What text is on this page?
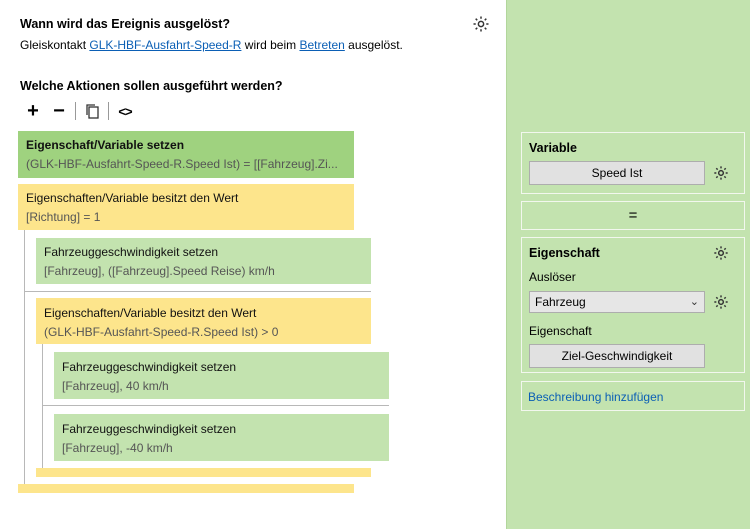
Wann wird das Ereignis ausgelöst?
Gleiskontakt GLK-HBF-Ausfahrt-Speed-R wird beim Betreten ausgelöst.
Welche Aktionen sollen ausgeführt werden?
+ −	<>
Eigenschaft/Variable setzen
(GLK-HBF-Ausfahrt-Speed-R.Speed Ist) = [[Fahrzeug].Zi...
Eigenschaften/Variable besitzt den Wert
[Richtung] = 1
Fahrzeuggeschwindigkeit setzen
[Fahrzeug], ([Fahrzeug].Speed Reise) km/h
Eigenschaften/Variable besitzt den Wert
(GLK-HBF-Ausfahrt-Speed-R.Speed Ist) > 0
Fahrzeuggeschwindigkeit setzen
[Fahrzeug], 40 km/h
Fahrzeuggeschwindigkeit setzen
[Fahrzeug], -40 km/h
Variable
Speed Ist
=
Eigenschaft
Auslöser
Fahrzeug	⌄
Eigenschaft
Ziel-Geschwindigkeit
Beschreibung hinzufügen
